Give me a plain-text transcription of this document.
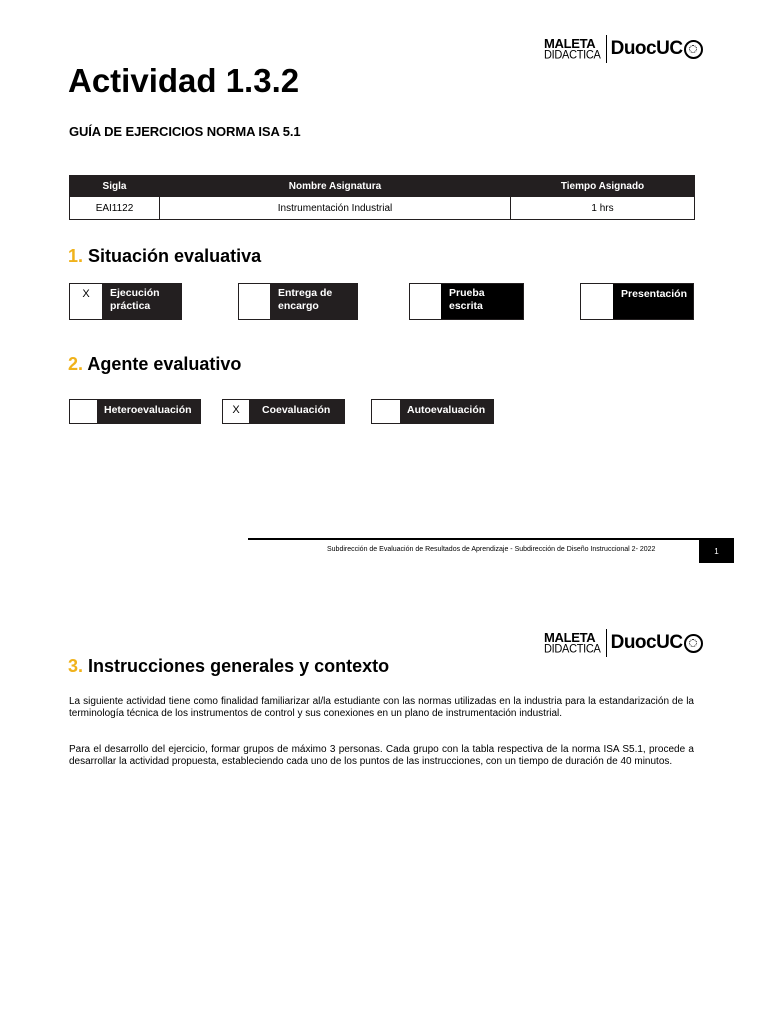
MALETA
DIDACTICA DuocUC
Actividad 1.3.2
GUÍA DE EJERCICIOS NORMA ISA 5.1
Sigla	Nombre Asignatura	Tiempo Asignado
EAI1122	Instrumentación Industrial	1 hrs
1. Situación evaluativa
X	Ejecución
práctica
Entrega de
encargo
Prueba
escrita
Presentación
2. Agente evaluativo
Heteroevaluación	X	Coevaluación	Autoevaluación
Subdirección de Evaluación de Resultados de Aprendizaje - Subdirección de Diseño Instruccional 2- 2022	1
MALETA
DIDACTICA DuocUC
3. Instrucciones generales y contexto
La siguiente actividad tiene como finalidad familiarizar al/la estudiante con las normas utilizadas en la industria para la estandarización de la terminología técnica de los instrumentos de control y sus conexiones en un plano de instrumentación industrial.
Para el desarrollo del ejercicio, formar grupos de máximo 3 personas. Cada grupo con la tabla respectiva de la norma ISA S5.1, procede a desarrollar la actividad propuesta, estableciendo cada uno de los puntos de las instrucciones, con un tiempo de duración de 40 minutos.
